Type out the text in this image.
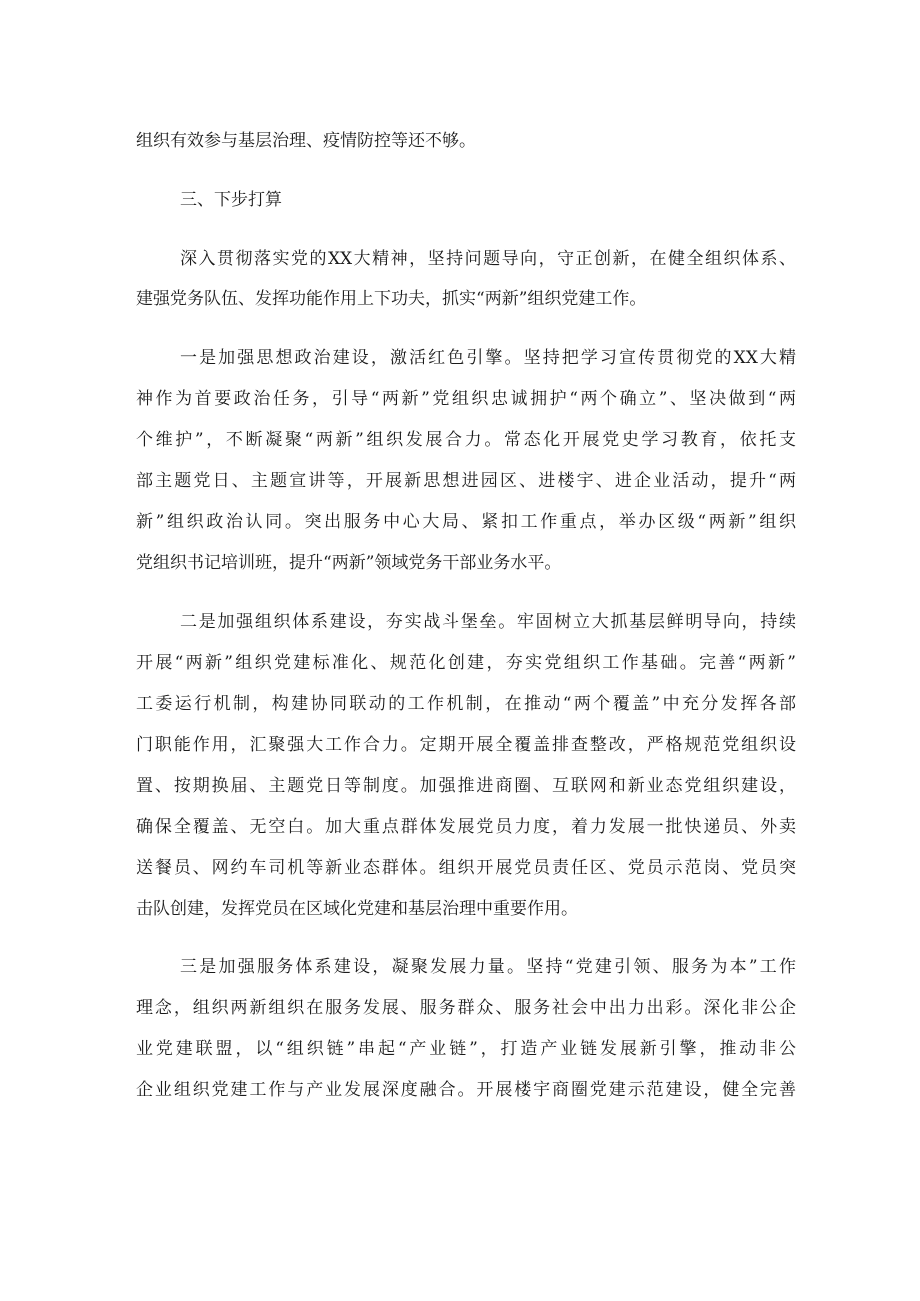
组织有效参与基层治理、疫情防控等还不够。
三、下步打算
深入贯彻落实党的XX大精神，坚持问题导向，守正创新，在健全组织体系、
建强党务队伍、发挥功能作用上下功夫，抓实“两新”组织党建工作。
一是加强思想政治建设，激活红色引擎。坚持把学习宣传贯彻党的XX大精
神作为首要政治任务，引导“两新”党组织忠诚拥护“两个确立”、坚决做到“两
个维护”，不断凝聚“两新”组织发展合力。常态化开展党史学习教育，依托支
部主题党日、主题宣讲等，开展新思想进园区、进楼宇、进企业活动，提升“两
新”组织政治认同。突出服务中心大局、紧扣工作重点，举办区级“两新”组织
党组织书记培训班，提升“两新”领域党务干部业务水平。
二是加强组织体系建设，夯实战斗堡垒。牢固树立大抓基层鲜明导向，持续
开展“两新”组织党建标准化、规范化创建，夯实党组织工作基础。完善“两新”
工委运行机制，构建协同联动的工作机制，在推动“两个覆盖”中充分发挥各部
门职能作用，汇聚强大工作合力。定期开展全覆盖排查整改，严格规范党组织设
置、按期换届、主题党日等制度。加强推进商圈、互联网和新业态党组织建设，
确保全覆盖、无空白。加大重点群体发展党员力度，着力发展一批快递员、外卖
送餐员、网约车司机等新业态群体。组织开展党员责任区、党员示范岗、党员突
击队创建，发挥党员在区域化党建和基层治理中重要作用。
三是加强服务体系建设，凝聚发展力量。坚持“党建引领、服务为本”工作
理念，组织两新组织在服务发展、服务群众、服务社会中出力出彩。深化非公企
业党建联盟，以“组织链”串起“产业链”，打造产业链发展新引擎，推动非公
企业组织党建工作与产业发展深度融合。开展楼宇商圈党建示范建设，健全完善
